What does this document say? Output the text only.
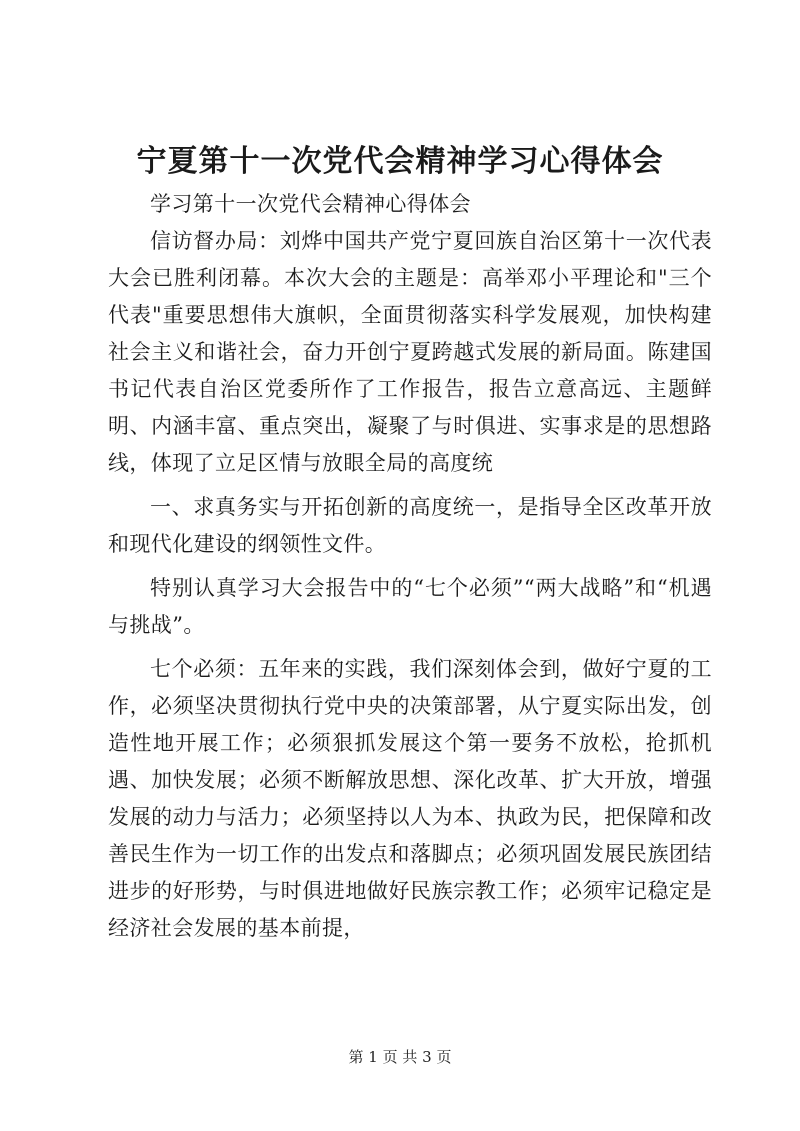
宁夏第十一次党代会精神学习心得体会

学习第十一次党代会精神心得体会

信访督办局：刘烨中国共产党宁夏回族自治区第十一次代表大会已胜利闭幕。本次大会的主题是：高举邓小平理论和"三个代表"重要思想伟大旗帜，全面贯彻落实科学发展观，加快构建社会主义和谐社会，奋力开创宁夏跨越式发展的新局面。陈建国书记代表自治区党委所作了工作报告，报告立意高远、主题鲜明、内涵丰富、重点突出，凝聚了与时俱进、实事求是的思想路线，体现了立足区情与放眼全局的高度统

一、求真务实与开拓创新的高度统一，是指导全区改革开放和现代化建设的纲领性文件。

特别认真学习大会报告中的“七个必须”“两大战略”和“机遇与挑战”。

七个必须：五年来的实践，我们深刻体会到，做好宁夏的工作，必须坚决贯彻执行党中央的决策部署，从宁夏实际出发，创造性地开展工作；必须狠抓发展这个第一要务不放松，抢抓机遇、加快发展；必须不断解放思想、深化改革、扩大开放，增强发展的动力与活力；必须坚持以人为本、执政为民，把保障和改善民生作为一切工作的出发点和落脚点；必须巩固发展民族团结进步的好形势，与时俱进地做好民族宗教工作；必须牢记稳定是经济社会发展的基本前提，

第 1 页 共 3 页
